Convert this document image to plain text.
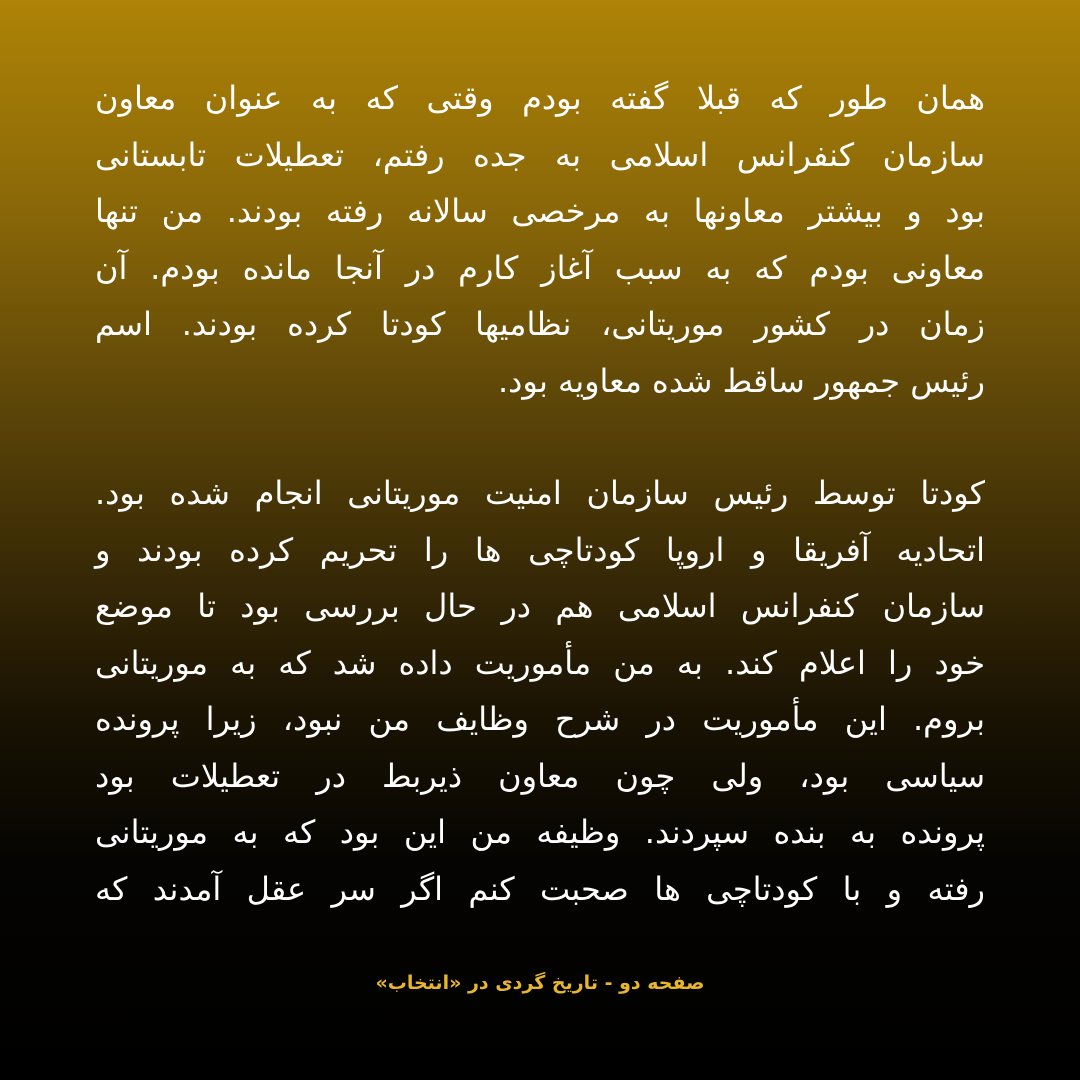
همان طور که قبلا گفته بودم وقتی که به عنوان معاون
سازمان کنفرانس اسلامی به جده رفتم، تعطیلات تابستانی
بود و بیشتر معاونها به مرخصی سالانه رفته بودند. من تنها
معاونی بودم که به سبب آغاز کارم در آنجا مانده بودم. آن
زمان در کشور موریتانی، نظامیها کودتا کرده بودند. اسم
رئیس جمهور ساقط شده معاویه بود.

کودتا توسط رئیس سازمان امنیت موریتانی انجام شده بود.
اتحادیه آفریقا و اروپا کودتاچی ها را تحریم کرده بودند و
سازمان کنفرانس اسلامی هم در حال بررسی بود تا موضع
خود را اعلام کند. به من مأموریت داده شد که به موریتانی
بروم. این مأموریت در شرح وظایف من نبود، زیرا پرونده
سیاسی بود، ولی چون معاون ذیربط در تعطیلات بود
پرونده به بنده سپردند. وظیفه من این بود که به موریتانی
رفته و با کودتاچی ها صحبت کنم اگر سر عقل آمدند که

صفحه دو - تاریخ گردی در «انتخاب»
